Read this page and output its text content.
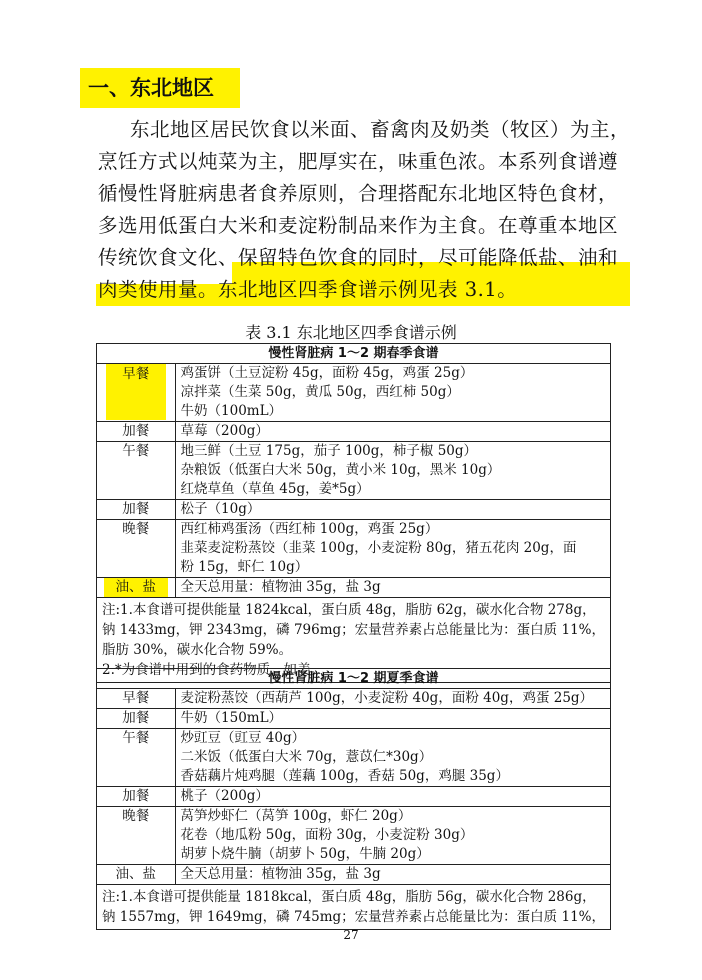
一、东北地区
东北地区居民饮食以米面、畜禽肉及奶类（牧区）为主，
烹饪方式以炖菜为主，肥厚实在，味重色浓。本系列食谱遵
循慢性肾脏病患者食养原则，合理搭配东北地区特色食材，
多选用低蛋白大米和麦淀粉制品来作为主食。在尊重本地区
传统饮食文化、保留特色饮食的同时，尽可能降低盐、油和
肉类使用量。东北地区四季食谱示例见表 3.1。
表 3.1 东北地区四季食谱示例
慢性肾脏病 1～2 期春季食谱	
早餐	鸡蛋饼（土豆淀粉 45g，面粉 45g，鸡蛋 25g）
凉拌菜（生菜 50g，黄瓜 50g，西红柿 50g）
牛奶（100mL）

加餐	草莓（200g）

午餐	地三鲜（土豆 175g，茄子 100g，柿子椒 50g）
杂粮饭（低蛋白大米 50g，黄小米 10g，黑米 10g）
红烧草鱼（草鱼 45g，姜*5g）

加餐	松子（10g）

晚餐	西红柿鸡蛋汤（西红柿 100g，鸡蛋 25g）
韭菜麦淀粉蒸饺（韭菜 100g，小麦淀粉 80g，猪五花肉 20g，面
粉 15g，虾仁 10g）

油、盐	全天总用量：植物油 35g，盐 3g

注:1.本食谱可提供能量 1824kcal，蛋白质 48g，脂肪 62g，碳水化合物 278g，
钠 1433mg，钾 2343mg，磷 796mg；宏量营养素占总能量比为：蛋白质 11%，
脂肪 30%，碳水化合物 59%。
2.*为食谱中用到的食药物质，如姜。	
慢性肾脏病 1～2 期夏季食谱	
早餐	麦淀粉蒸饺（西葫芦 100g，小麦淀粉 40g，面粉 40g，鸡蛋 25g）

加餐	牛奶（150mL）

午餐	炒豇豆（豇豆 40g）
二米饭（低蛋白大米 70g，薏苡仁*30g）
香菇藕片炖鸡腿（莲藕 100g，香菇 50g，鸡腿 35g）

加餐	桃子（200g）

晚餐	莴笋炒虾仁（莴笋 100g，虾仁 20g）
花卷（地瓜粉 50g，面粉 30g，小麦淀粉 30g）
胡萝卜烧牛腩（胡萝卜 50g，牛腩 20g）

油、盐	全天总用量：植物油 35g，盐 3g

注:1.本食谱可提供能量 1818kcal，蛋白质 48g，脂肪 56g，碳水化合物 286g，
钠 1557mg，钾 1649mg，磷 745mg；宏量营养素占总能量比为：蛋白质 11%，	
27
